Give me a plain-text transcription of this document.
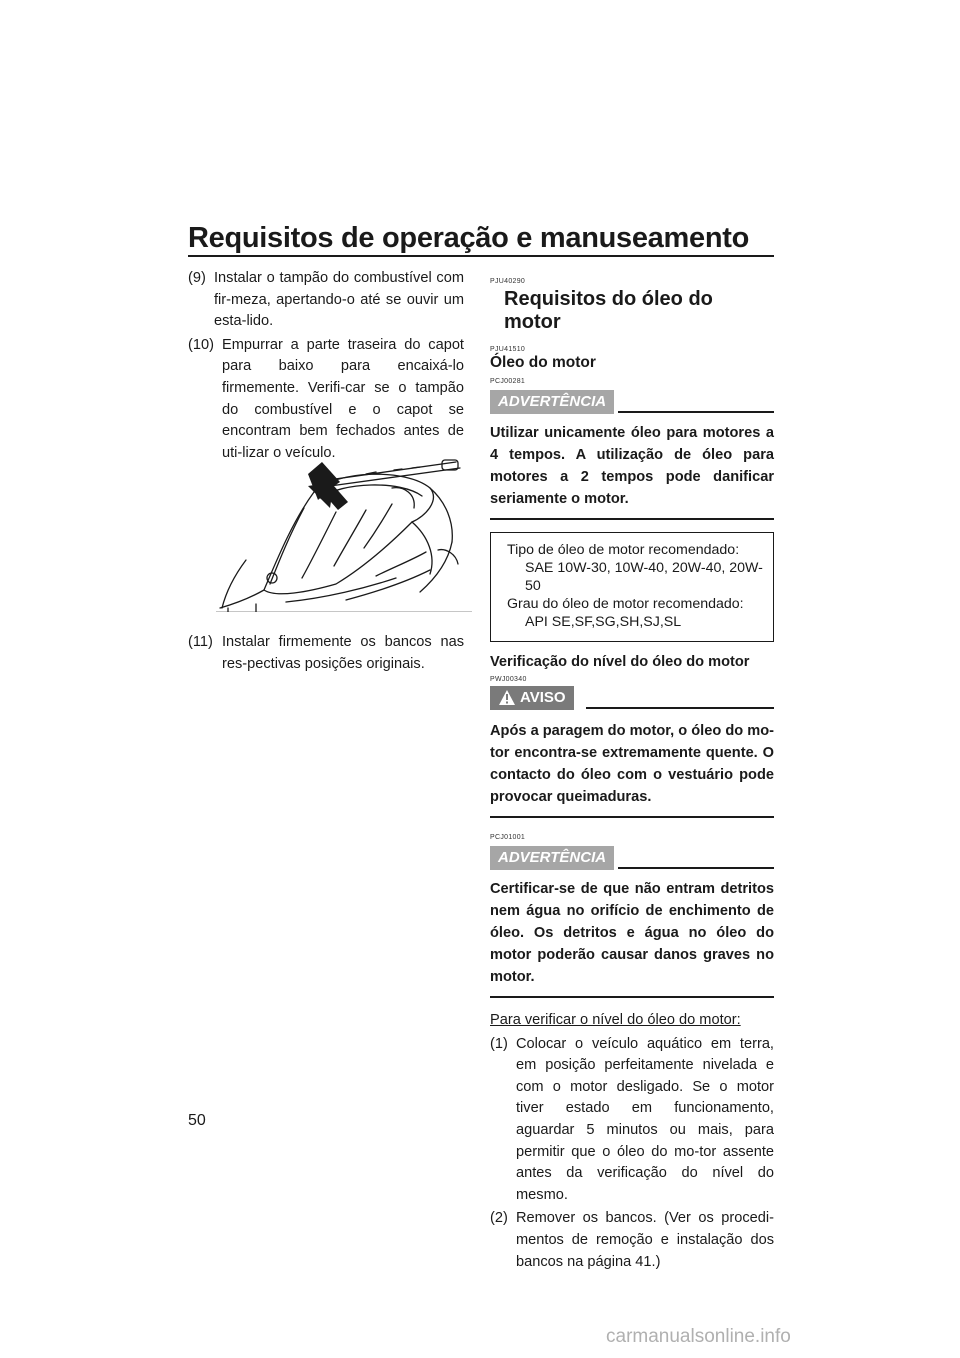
Requisitos de operação e manuseamento
(9) Instalar o tampão do combustível com fir-meza, apertando-o até se ouvir um esta-lido.
(10) Empurrar a parte traseira do capot para baixo para encaixá-lo firmemente. Verifi-car se o tampão do combustível e o capot se encontram bem fechados antes de uti-lizar o veículo.
(11) Instalar firmemente os bancos nas res-pectivas posições originais.
PJU40290
Requisitos do óleo do motor
PJU41510
Óleo do motor
PCJ00281
ADVERTÊNCIA
Utilizar unicamente óleo para motores a 4 tempos. A utilização de óleo para motores a 2 tempos pode danificar seriamente o motor.
Tipo de óleo de motor recomendado:
SAE 10W-30, 10W-40, 20W-40, 20W-50
Grau do óleo de motor recomendado:
API SE,SF,SG,SH,SJ,SL
Verificação do nível do óleo do motor
PWJ00340
AVISO
Após a paragem do motor, o óleo do mo-tor encontra-se extremamente quente. O contacto do óleo com o vestuário pode provocar queimaduras.
PCJ01001
ADVERTÊNCIA
Certificar-se de que não entram detritos nem água no orifício de enchimento de óleo. Os detritos e água no óleo do motor poderão causar danos graves no motor.
Para verificar o nível do óleo do motor:
(1) Colocar o veículo aquático em terra, em posição perfeitamente nivelada e com o motor desligado. Se o motor tiver estado em funcionamento, aguardar 5 minutos ou mais, para permitir que o óleo do mo-tor assente antes da verificação do nível do mesmo.
(2) Remover os bancos. (Ver os procedi-mentos de remoção e instalação dos bancos na página 41.)
50
carmanualsonline.info
